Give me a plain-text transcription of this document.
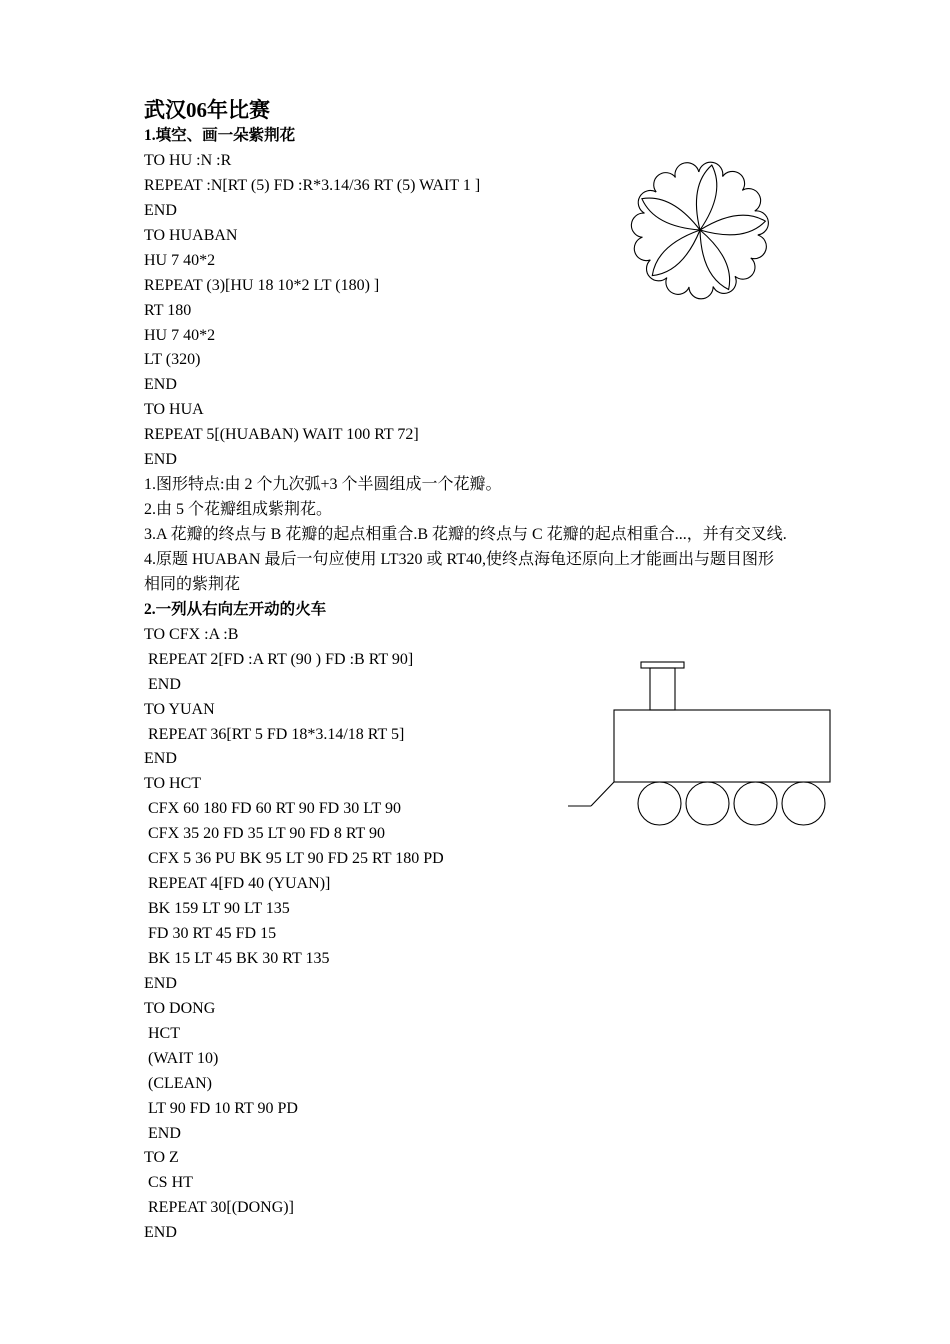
武汉06年比赛
1.填空、画一朵紫荆花
TO HU :N :R
REPEAT :N[RT (5) FD :R*3.14/36 RT (5) WAIT 1 ]
END
TO HUABAN
HU 7 40*2
REPEAT (3)[HU 18 10*2 LT (180) ]
RT 180
HU 7 40*2
LT (320)
END
TO HUA
REPEAT 5[(HUABAN) WAIT 100 RT 72]
END
1.图形特点:由 2 个九次弧+3 个半圆组成一个花瓣。
2.由 5 个花瓣组成紫荆花。
3.A 花瓣的终点与 B 花瓣的起点相重合.B 花瓣的终点与 C 花瓣的起点相重合...，并有交叉线.
4.原题 HUABAN 最后一句应使用 LT320 或 RT40,使终点海龟还原向上才能画出与题目图形
相同的紫荆花
2.一列从右向左开动的火车
TO CFX :A :B
REPEAT 2[FD :A RT (90 ) FD :B RT 90]
END
TO YUAN
REPEAT 36[RT 5 FD 18*3.14/18 RT 5]
END
TO HCT
CFX 60 180 FD 60 RT 90 FD 30 LT 90
CFX 35 20 FD 35 LT 90 FD 8 RT 90
CFX 5 36 PU BK 95 LT 90 FD 25 RT 180 PD
REPEAT 4[FD 40 (YUAN)]
BK 159 LT 90 LT 135
FD 30 RT 45 FD 15
BK 15 LT 45 BK 30 RT 135
END
TO DONG
HCT
(WAIT 10)
(CLEAN)
LT 90 FD 10 RT 90 PD
END
TO Z
CS HT
REPEAT 30[(DONG)]
END
